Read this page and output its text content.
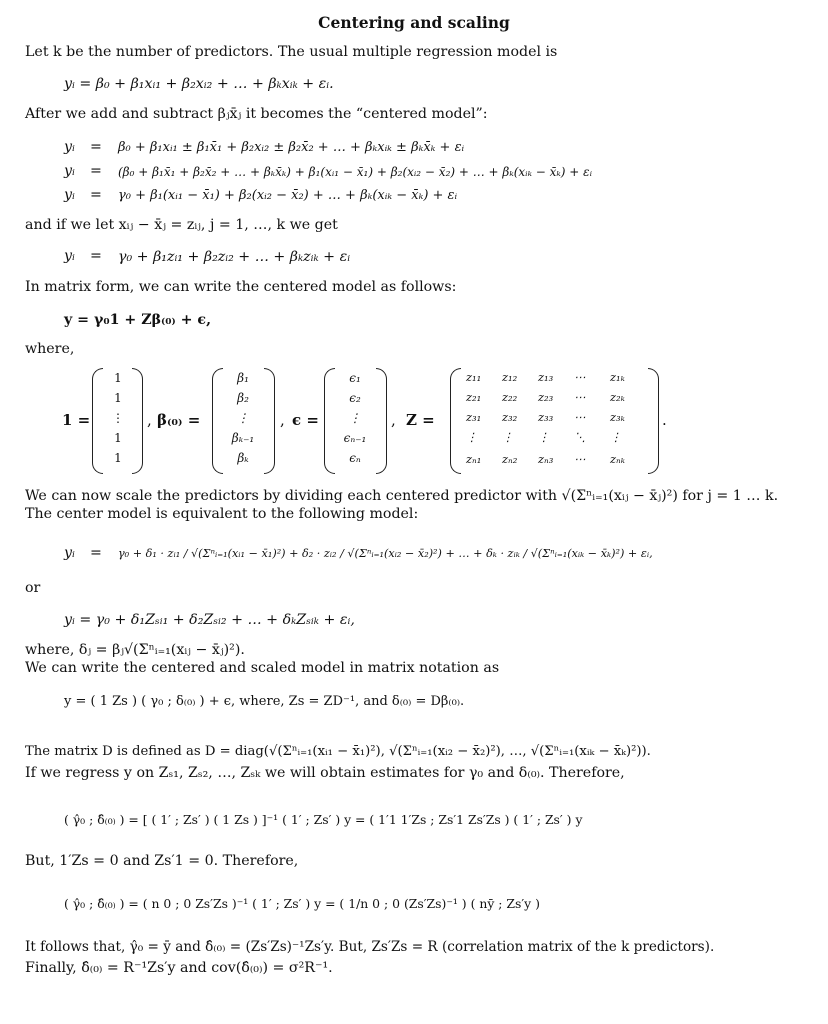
Centering and scaling
Let k be the number of predictors. The usual multiple regression model is
yᵢ = β₀ + β₁xᵢ₁ + β₂xᵢ₂ + … + βₖxᵢₖ + εᵢ.
After we add and subtract βⱼx̄ⱼ it becomes the “centered model”:
yᵢ =	β₀ + β₁xᵢ₁ ± β₁x̄₁ + β₂xᵢ₂ ± β₂x̄₂ + … + βₖxᵢₖ ± βₖx̄ₖ + εᵢ
yᵢ =	(β₀ + β₁x̄₁ + β₂x̄₂ + … + βₖx̄ₖ) + β₁(xᵢ₁ − x̄₁) + β₂(xᵢ₂ − x̄₂) + … + βₖ(xᵢₖ − x̄ₖ) + εᵢ
yᵢ =	γ₀ + β₁(xᵢ₁ − x̄₁) + β₂(xᵢ₂ − x̄₂) + … + βₖ(xᵢₖ − x̄ₖ) + εᵢ
and if we let xᵢⱼ − x̄ⱼ = zᵢⱼ, j = 1, …, k we get
yᵢ = γ₀ + β₁zᵢ₁ + β₂zᵢ₂ + … + βₖzᵢₖ + εᵢ
In matrix form, we can write the centered model as follows:
y = γ₀1 + Zβ₍₀₎ + ϵ,
where,
1 =
1
1
⋮
1
1
, β₍₀₎ =
β₁
β₂
⋮
βₖ₋₁
βₖ
, ϵ =
ϵ₁
ϵ₂
⋮
ϵₙ₋₁
ϵₙ
, Z =
z₁₁ z₁₂ z₁₃ ⋯ z₁ₖ
z₂₁ z₂₂ z₂₃ ⋯ z₂ₖ
z₃₁ z₃₂ z₃₃ ⋯ z₃ₖ
⋮ ⋮ ⋮ ⋱ ⋮
zₙ₁ zₙ₂ zₙ₃ ⋯ zₙₖ
.
We can now scale the predictors by dividing each centered predictor with √(Σⁿᵢ₌₁(xᵢⱼ − x̄ⱼ)²) for j = 1 … k.
The center model is equivalent to the following model:
yᵢ =	γ₀ + δ₁ · zᵢ₁ / √(Σⁿᵢ₌₁(xᵢ₁ − x̄₁)²) + δ₂ · zᵢ₂ / √(Σⁿᵢ₌₁(xᵢ₂ − x̄₂)²) + … + δₖ · zᵢₖ / √(Σⁿᵢ₌₁(xᵢₖ − x̄ₖ)²) + εᵢ,
or
yᵢ = γ₀ + δ₁Zₛᵢ₁ + δ₂Zₛᵢ₂ + … + δₖZₛᵢₖ + εᵢ,
where, δⱼ = βⱼ√(Σⁿᵢ₌₁(xᵢⱼ − x̄ⱼ)²).
We can write the centered and scaled model in matrix notation as
y = ( 1 Zs ) ( γ₀ ; δ₍₀₎ ) + ϵ, where, Zs = ZD⁻¹, and δ₍₀₎ = Dβ₍₀₎.
The matrix D is defined as D = diag(√(Σⁿᵢ₌₁(xᵢ₁ − x̄₁)²), √(Σⁿᵢ₌₁(xᵢ₂ − x̄₂)²), …, √(Σⁿᵢ₌₁(xᵢₖ − x̄ₖ)²)).
If we regress y on Zₛ₁, Zₛ₂, …, Zₛₖ we will obtain estimates for γ₀ and δ₍₀₎. Therefore,
( γ̂₀ ; δ̂₍₀₎ ) = [ ( 1′ ; Zs′ ) ( 1 Zs ) ]⁻¹ ( 1′ ; Zs′ ) y = ( 1′1 1′Zs ; Zs′1 Zs′Zs ) ( 1′ ; Zs′ ) y
But, 1′Zs = 0 and Zs′1 = 0. Therefore,
( γ̂₀ ; δ̂₍₀₎ ) = ( n 0 ; 0 Zs′Zs )⁻¹ ( 1′ ; Zs′ ) y = ( 1/n 0 ; 0 (Zs′Zs)⁻¹ ) ( nȳ ; Zs′y )
It follows that, γ̂₀ = ȳ and δ̂₍₀₎ = (Zs′Zs)⁻¹Zs′y. But, Zs′Zs = R (correlation matrix of the k predictors).
Finally, δ̂₍₀₎ = R⁻¹Zs′y and cov(δ̂₍₀₎) = σ²R⁻¹.
